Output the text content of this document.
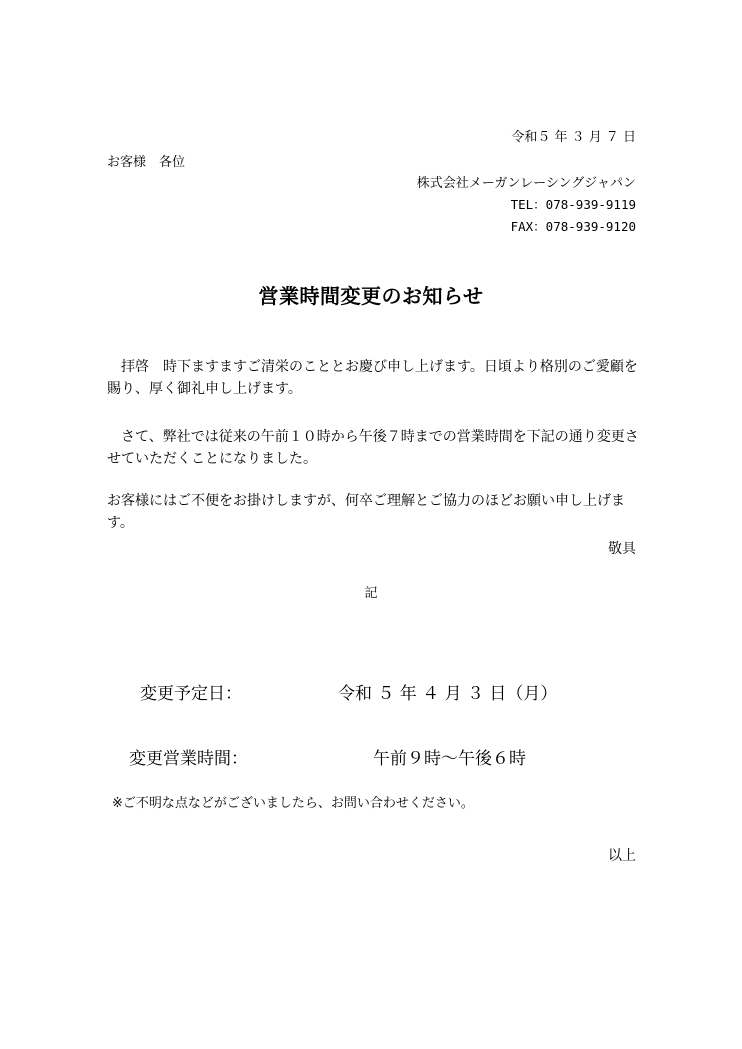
令和５ 年 ３ 月 ７ 日
お客様　各位
株式会社メーガンレーシングジャパン
TEL：078-939-9119
FAX：078-939-9120
営業時間変更のお知らせ
　拝啓　時下ますますご清栄のこととお慶び申し上げます。日頃より格別のご愛顧を賜り、厚く御礼申し上げます。
　さて、弊社では従来の午前１０時から午後７時までの営業時間を下記の通り変更させていただくことになりました。
お客様にはご不便をお掛けしますが、何卒ご理解とご協力のほどお願い申し上げます。
敬具
記
変更予定日：	令和 ５ 年 ４ 月 ３ 日（月）
変更営業時間：	午前９時～午後６時
※ご不明な点などがございましたら、お問い合わせください。
以上
